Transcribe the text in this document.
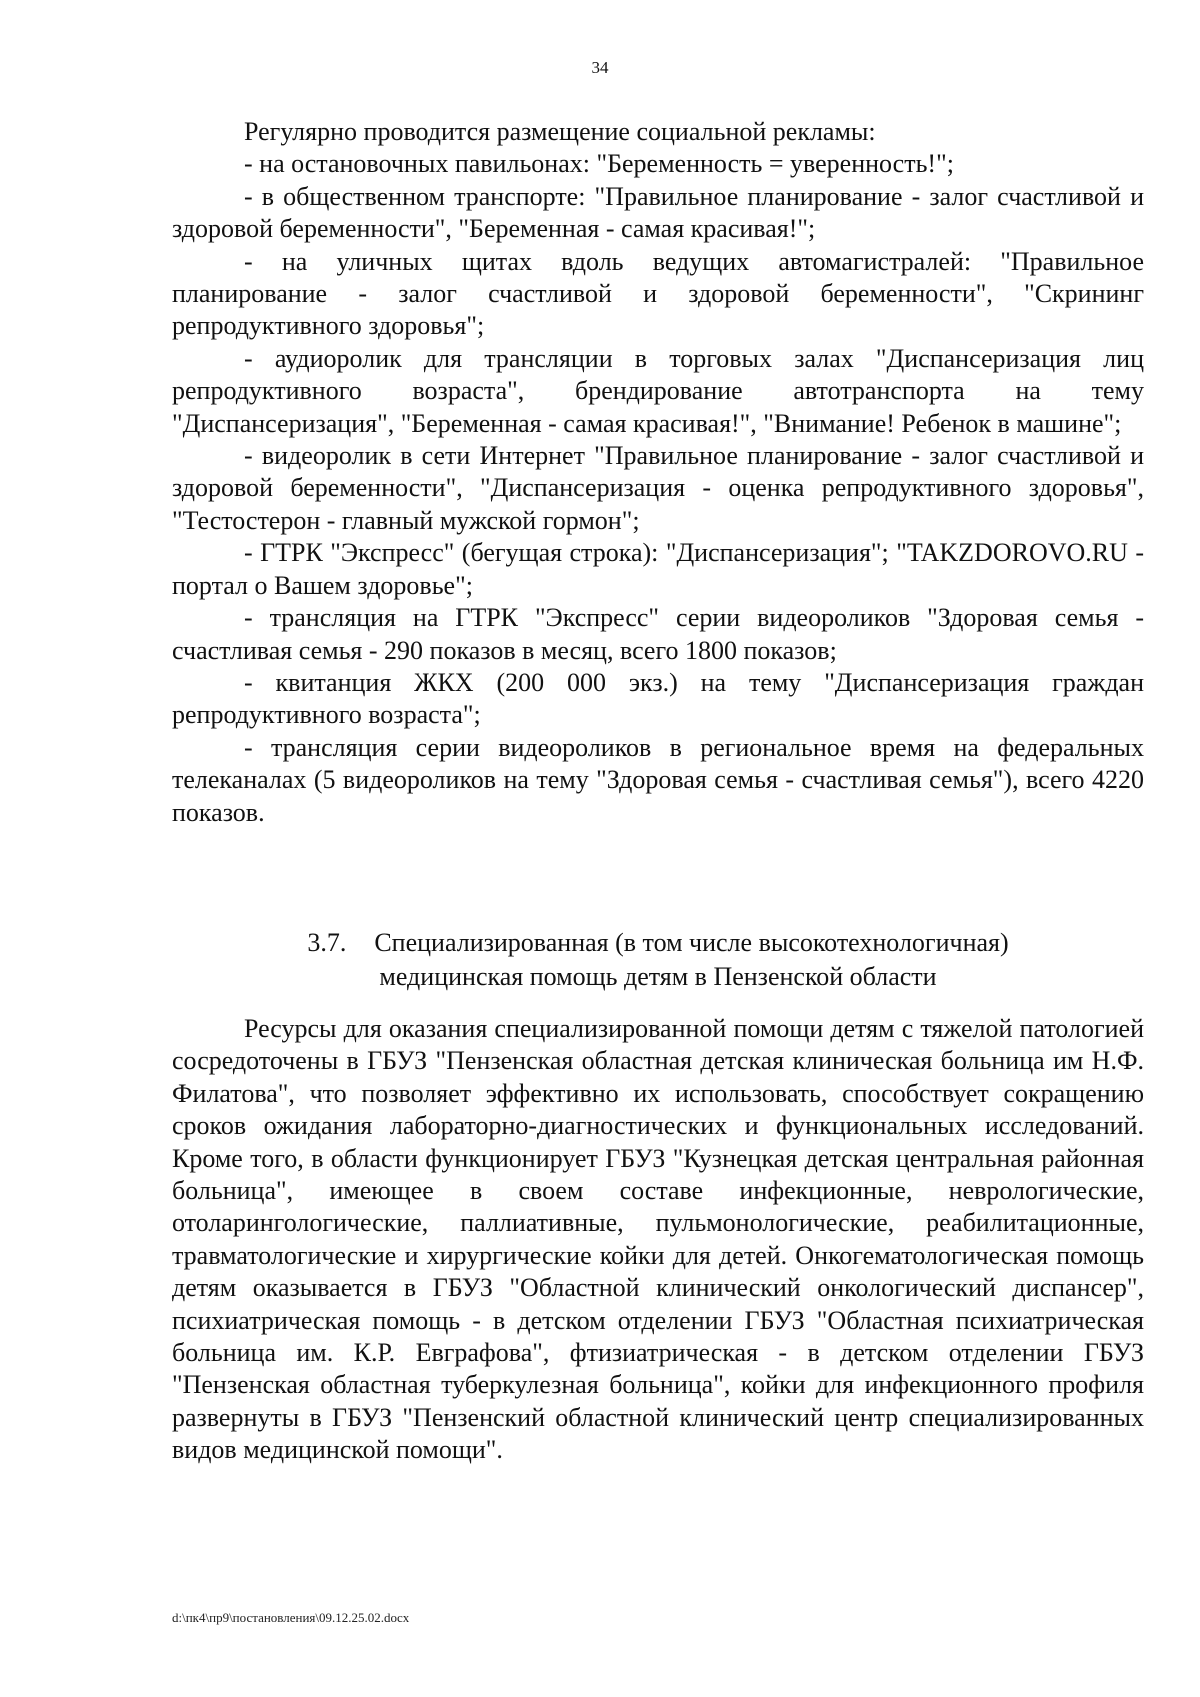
34

Регулярно проводится размещение социальной рекламы:

- на остановочных павильонах: "Беременность = уверенность!";

- в общественном транспорте: "Правильное планирование - залог счастливой и здоровой беременности", "Беременная - самая красивая!";

- на уличных щитах вдоль ведущих автомагистралей: "Правильное планирование - залог счастливой и здоровой беременности", "Скрининг репродуктивного здоровья";

- аудиоролик для трансляции в торговых залах "Диспансеризация лиц репродуктивного возраста", брендирование автотранспорта на тему "Диспансеризация", "Беременная - самая красивая!", "Внимание! Ребенок в машине";

- видеоролик в сети Интернет "Правильное планирование - залог счастливой и здоровой беременности", "Диспансеризация - оценка репродуктивного здоровья", "Тестостерон - главный мужской гормон";

- ГТРК "Экспресс" (бегущая строка): "Диспансеризация"; "TAKZDOROVO.RU - портал о Вашем здоровье";

- трансляция на ГТРК "Экспресс" серии видеороликов "Здоровая семья - счастливая семья - 290 показов в месяц, всего 1800 показов;

- квитанция ЖКХ (200 000 экз.) на тему "Диспансеризация граждан репродуктивного возраста";

- трансляция серии видеороликов в региональное время на федеральных телеканалах (5 видеороликов на тему "Здоровая семья - счастливая семья"), всего 4220 показов.

3.7. Специализированная (в том числе высокотехнологичная)
медицинская помощь детям в Пензенской области

Ресурсы для оказания специализированной помощи детям с тяжелой патологией сосредоточены в ГБУЗ "Пензенская областная детская клиническая больница им Н.Ф. Филатова", что позволяет эффективно их использовать, способствует сокращению сроков ожидания лабораторно-диагностических и функциональных исследований. Кроме того, в области функционирует ГБУЗ "Кузнецкая детская центральная районная больница", имеющее в своем составе инфекционные, неврологические, отоларингологические, паллиативные, пульмонологические, реабилитационные, травматологические и хирургические койки для детей. Онкогематологическая помощь детям оказывается в ГБУЗ "Областной клинический онкологический диспансер", психиатрическая помощь - в детском отделении ГБУЗ "Областная психиатрическая больница им. К.Р. Евграфова", фтизиатрическая - в детском отделении ГБУЗ "Пензенская областная туберкулезная больница", койки для инфекционного профиля развернуты в ГБУЗ "Пензенский областной клинический центр специализированных видов медицинской помощи".

d:\пк4\пр9\постановления\09.12.25.02.docx
